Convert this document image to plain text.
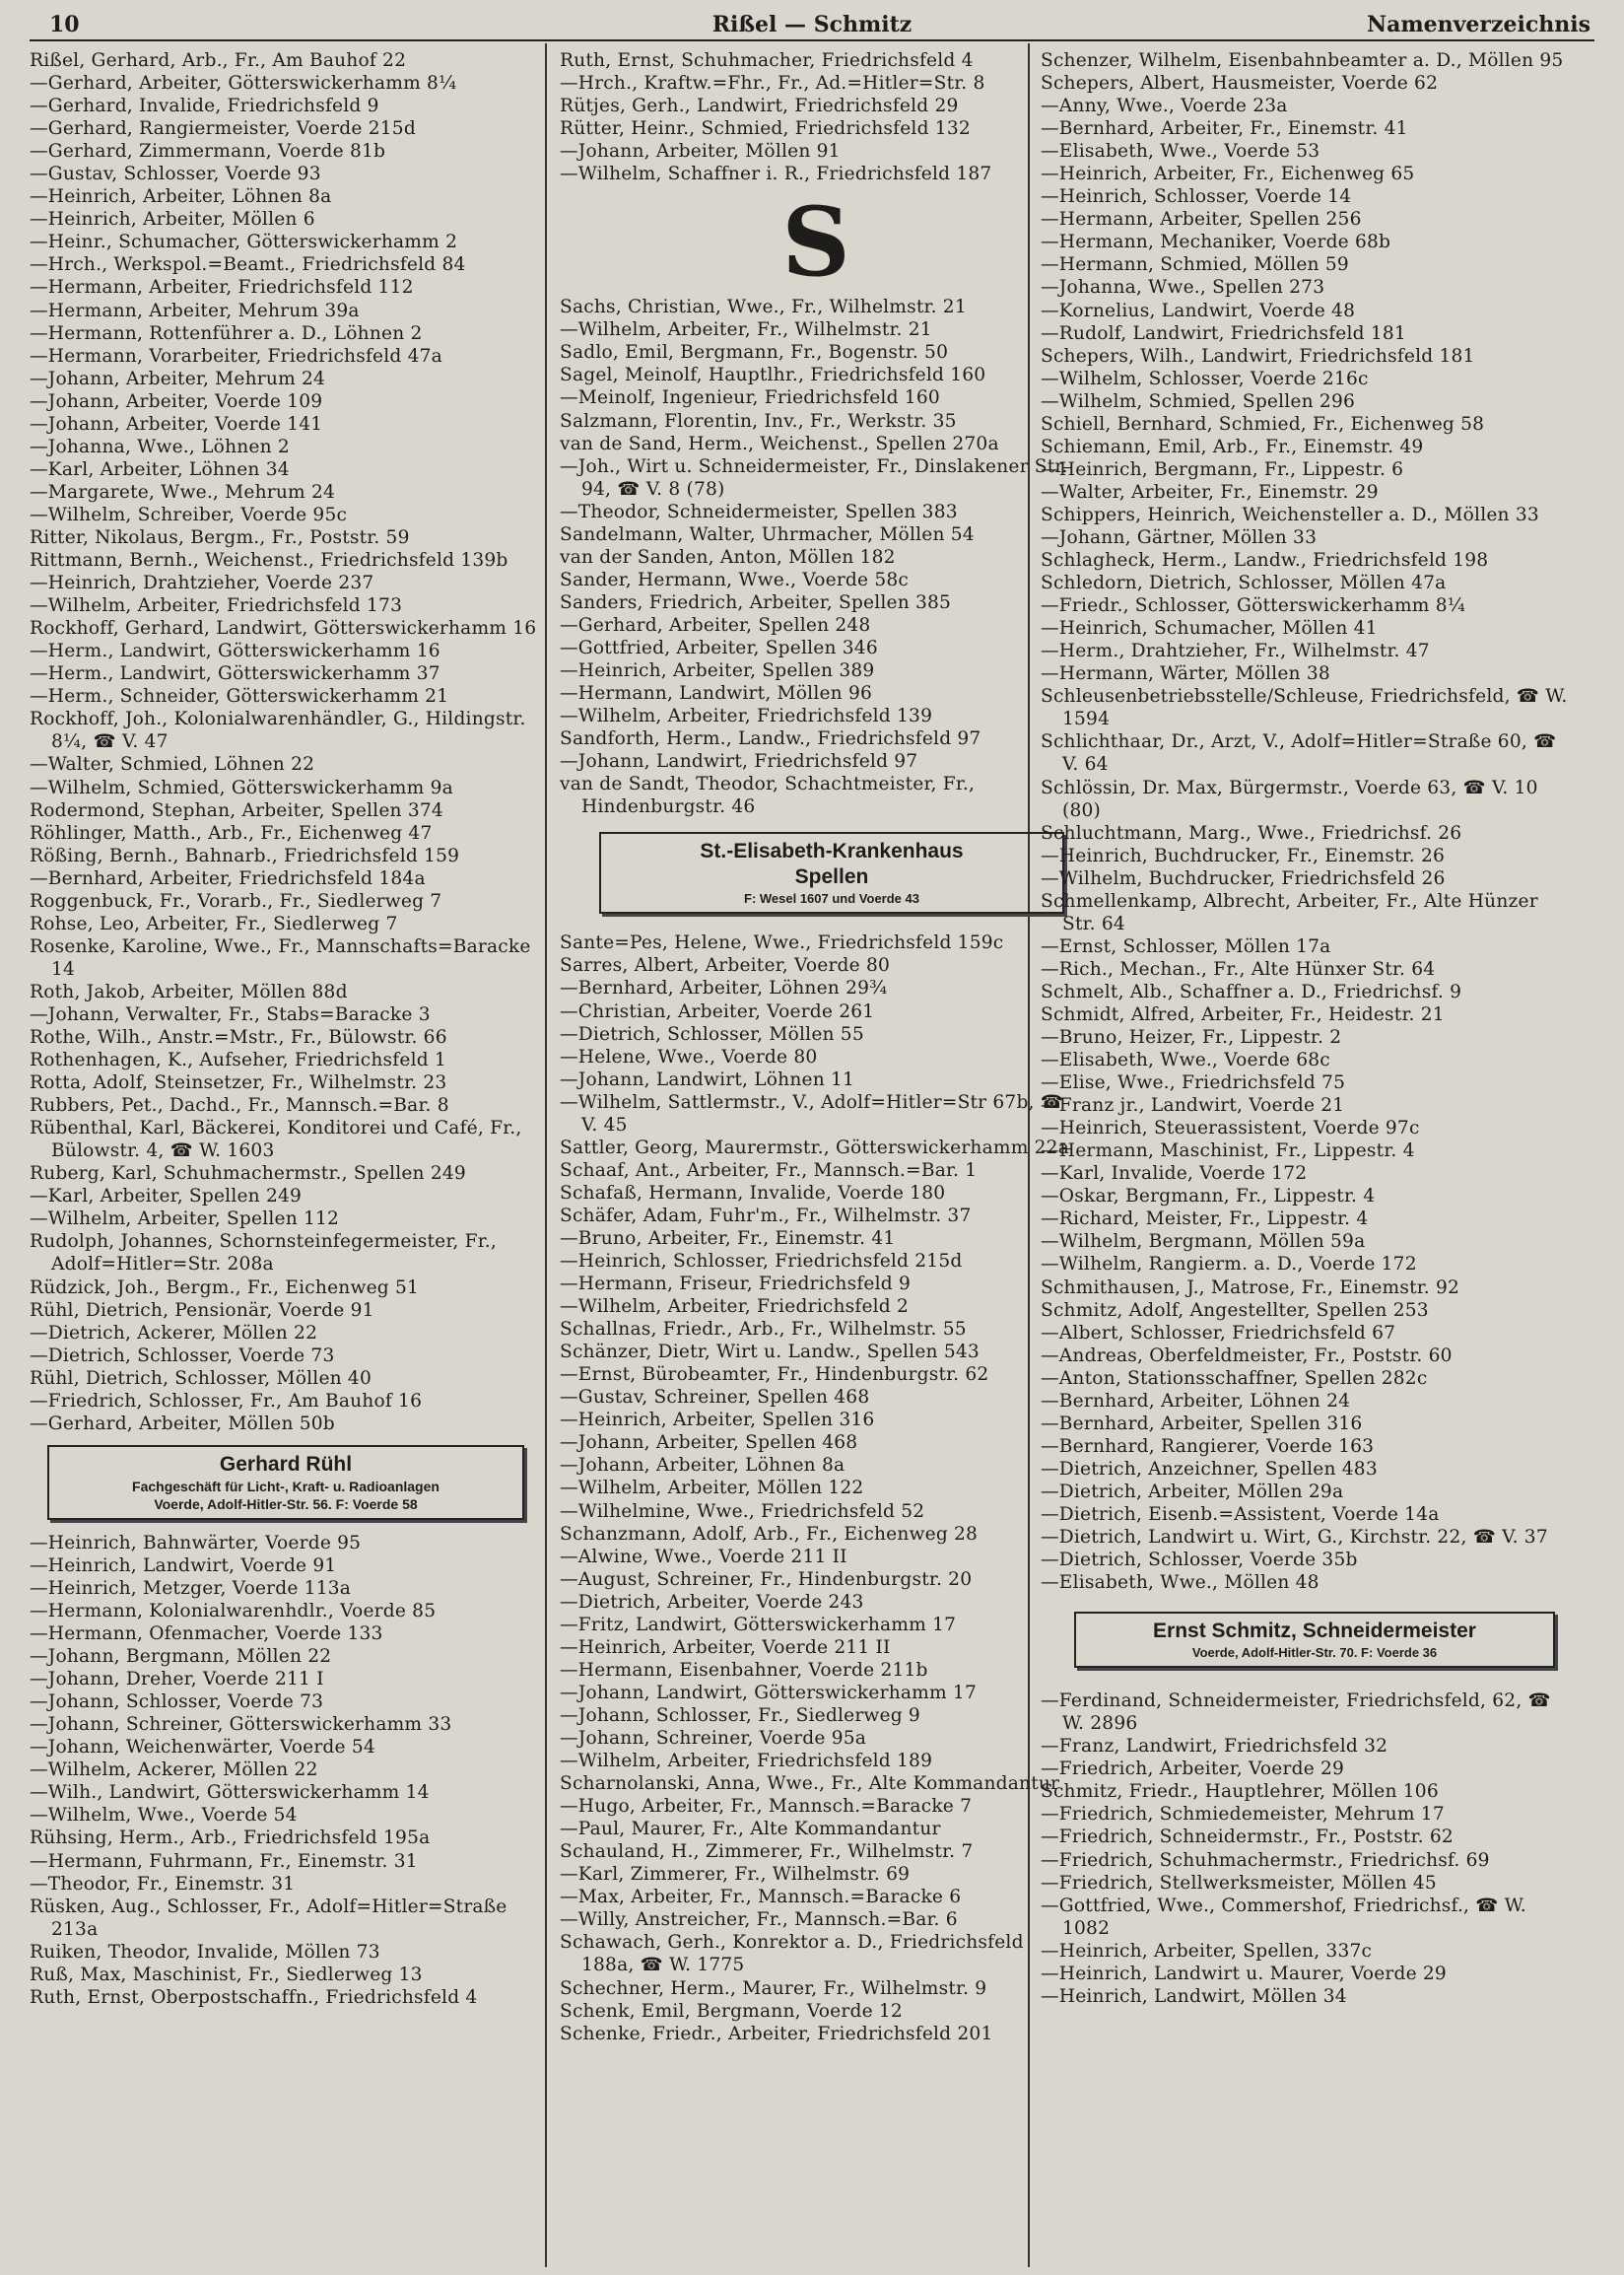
10	Rißel — Schmitz	Namenverzeichnis
Rißel, Gerhard, Arb., Fr., Am Bauhof 22
—Gerhard, Arbeiter, Götterswickerhamm 8¼
—Gerhard, Invalide, Friedrichsfeld 9
—Gerhard, Rangiermeister, Voerde 215d
—Gerhard, Zimmermann, Voerde 81b
—Gustav, Schlosser, Voerde 93
—Heinrich, Arbeiter, Löhnen 8a
—Heinrich, Arbeiter, Möllen 6
—Heinr., Schumacher, Götterswickerhamm 2
—Hrch., Werkspol.=Beamt., Friedrichsfeld 84
—Hermann, Arbeiter, Friedrichsfeld 112
—Hermann, Arbeiter, Mehrum 39a
—Hermann, Rottenführer a. D., Löhnen 2
—Hermann, Vorarbeiter, Friedrichsfeld 47a
—Johann, Arbeiter, Mehrum 24
—Johann, Arbeiter, Voerde 109
—Johann, Arbeiter, Voerde 141
—Johanna, Wwe., Löhnen 2
—Karl, Arbeiter, Löhnen 34
—Margarete, Wwe., Mehrum 24
—Wilhelm, Schreiber, Voerde 95c
Ritter, Nikolaus, Bergm., Fr., Poststr. 59
Rittmann, Bernh., Weichenst., Friedrichsfeld 139b
—Heinrich, Drahtzieher, Voerde 237
—Wilhelm, Arbeiter, Friedrichsfeld 173
Rockhoff, Gerhard, Landwirt, Götterswickerhamm 16
—Herm., Landwirt, Götterswickerhamm 16
—Herm., Landwirt, Götterswickerhamm 37
—Herm., Schneider, Götterswickerhamm 21
Rockhoff, Joh., Kolonialwarenhändler, G., Hildingstr. 8¼, ☎ V. 47
—Walter, Schmied, Löhnen 22
—Wilhelm, Schmied, Götterswickerhamm 9a
Rodermond, Stephan, Arbeiter, Spellen 374
Röhlinger, Matth., Arb., Fr., Eichenweg 47
Rößing, Bernh., Bahnarb., Friedrichsfeld 159
—Bernhard, Arbeiter, Friedrichsfeld 184a
Roggenbuck, Fr., Vorarb., Fr., Siedlerweg 7
Rohse, Leo, Arbeiter, Fr., Siedlerweg 7
Rosenke, Karoline, Wwe., Fr., Mannschafts=Baracke 14
Roth, Jakob, Arbeiter, Möllen 88d
—Johann, Verwalter, Fr., Stabs=Baracke 3
Rothe, Wilh., Anstr.=Mstr., Fr., Bülowstr. 66
Rothenhagen, K., Aufseher, Friedrichsfeld 1
Rotta, Adolf, Steinsetzer, Fr., Wilhelmstr. 23
Rubbers, Pet., Dachd., Fr., Mannsch.=Bar. 8
Rübenthal, Karl, Bäckerei, Konditorei und Café, Fr., Bülowstr. 4, ☎ W. 1603
Ruberg, Karl, Schuhmachermstr., Spellen 249
—Karl, Arbeiter, Spellen 249
—Wilhelm, Arbeiter, Spellen 112
Rudolph, Johannes, Schornsteinfegermeister, Fr., Adolf=Hitler=Str. 208a
Rüdzick, Joh., Bergm., Fr., Eichenweg 51
Rühl, Dietrich, Pensionär, Voerde 91
—Dietrich, Ackerer, Möllen 22
—Dietrich, Schlosser, Voerde 73
Rühl, Dietrich, Schlosser, Möllen 40
—Friedrich, Schlosser, Fr., Am Bauhof 16
—Gerhard, Arbeiter, Möllen 50b
Gerhard Rühl
Fachgeschäft für Licht-, Kraft- u. Radioanlagen
Voerde, Adolf-Hitler-Str. 56. F: Voerde 58
—Heinrich, Bahnwärter, Voerde 95
—Heinrich, Landwirt, Voerde 91
—Heinrich, Metzger, Voerde 113a
—Hermann, Kolonialwarenhdlr., Voerde 85
—Hermann, Ofenmacher, Voerde 133
—Johann, Bergmann, Möllen 22
—Johann, Dreher, Voerde 211 I
—Johann, Schlosser, Voerde 73
—Johann, Schreiner, Götterswickerhamm 33
—Johann, Weichenwärter, Voerde 54
—Wilhelm, Ackerer, Möllen 22
—Wilh., Landwirt, Götterswickerhamm 14
—Wilhelm, Wwe., Voerde 54
Rühsing, Herm., Arb., Friedrichsfeld 195a
—Hermann, Fuhrmann, Fr., Einemstr. 31
—Theodor, Fr., Einemstr. 31
Rüsken, Aug., Schlosser, Fr., Adolf=Hitler=Straße 213a
Ruiken, Theodor, Invalide, Möllen 73
Ruß, Max, Maschinist, Fr., Siedlerweg 13
Ruth, Ernst, Oberpostschaffn., Friedrichsfeld 4
Ruth, Ernst, Schuhmacher, Friedrichsfeld 4
—Hrch., Kraftw.=Fhr., Fr., Ad.=Hitler=Str. 8
Rütjes, Gerh., Landwirt, Friedrichsfeld 29
Rütter, Heinr., Schmied, Friedrichsfeld 132
—Johann, Arbeiter, Möllen 91
—Wilhelm, Schaffner i. R., Friedrichsfeld 187
S
Sachs, Christian, Wwe., Fr., Wilhelmstr. 21
—Wilhelm, Arbeiter, Fr., Wilhelmstr. 21
Sadlo, Emil, Bergmann, Fr., Bogenstr. 50
Sagel, Meinolf, Hauptlhr., Friedrichsfeld 160
—Meinolf, Ingenieur, Friedrichsfeld 160
Salzmann, Florentin, Inv., Fr., Werkstr. 35
van de Sand, Herm., Weichenst., Spellen 270a
—Joh., Wirt u. Schneidermeister, Fr., Dinslakener Str. 94, ☎ V. 8 (78)
—Theodor, Schneidermeister, Spellen 383
Sandelmann, Walter, Uhrmacher, Möllen 54
van der Sanden, Anton, Möllen 182
Sander, Hermann, Wwe., Voerde 58c
Sanders, Friedrich, Arbeiter, Spellen 385
—Gerhard, Arbeiter, Spellen 248
—Gottfried, Arbeiter, Spellen 346
—Heinrich, Arbeiter, Spellen 389
—Hermann, Landwirt, Möllen 96
—Wilhelm, Arbeiter, Friedrichsfeld 139
Sandforth, Herm., Landw., Friedrichsfeld 97
—Johann, Landwirt, Friedrichsfeld 97
van de Sandt, Theodor, Schachtmeister, Fr., Hindenburgstr. 46
St.-Elisabeth-Krankenhaus
Spellen
F: Wesel 1607 und Voerde 43
Sante=Pes, Helene, Wwe., Friedrichsfeld 159c
Sarres, Albert, Arbeiter, Voerde 80
—Bernhard, Arbeiter, Löhnen 29¾
—Christian, Arbeiter, Voerde 261
—Dietrich, Schlosser, Möllen 55
—Helene, Wwe., Voerde 80
—Johann, Landwirt, Löhnen 11
—Wilhelm, Sattlermstr., V., Adolf=Hitler=Str 67b, ☎ V. 45
Sattler, Georg, Maurermstr., Götterswickerhamm 22a
Schaaf, Ant., Arbeiter, Fr., Mannsch.=Bar. 1
Schafaß, Hermann, Invalide, Voerde 180
Schäfer, Adam, Fuhr'm., Fr., Wilhelmstr. 37
—Bruno, Arbeiter, Fr., Einemstr. 41
—Heinrich, Schlosser, Friedrichsfeld 215d
—Hermann, Friseur, Friedrichsfeld 9
—Wilhelm, Arbeiter, Friedrichsfeld 2
Schallnas, Friedr., Arb., Fr., Wilhelmstr. 55
Schänzer, Dietr, Wirt u. Landw., Spellen 543
—Ernst, Bürobeamter, Fr., Hindenburgstr. 62
—Gustav, Schreiner, Spellen 468
—Heinrich, Arbeiter, Spellen 316
—Johann, Arbeiter, Spellen 468
—Johann, Arbeiter, Löhnen 8a
—Wilhelm, Arbeiter, Möllen 122
—Wilhelmine, Wwe., Friedrichsfeld 52
Schanzmann, Adolf, Arb., Fr., Eichenweg 28
—Alwine, Wwe., Voerde 211 II
—August, Schreiner, Fr., Hindenburgstr. 20
—Dietrich, Arbeiter, Voerde 243
—Fritz, Landwirt, Götterswickerhamm 17
—Heinrich, Arbeiter, Voerde 211 II
—Hermann, Eisenbahner, Voerde 211b
—Johann, Landwirt, Götterswickerhamm 17
—Johann, Schlosser, Fr., Siedlerweg 9
—Johann, Schreiner, Voerde 95a
—Wilhelm, Arbeiter, Friedrichsfeld 189
Scharnolanski, Anna, Wwe., Fr., Alte Kommandantur
—Hugo, Arbeiter, Fr., Mannsch.=Baracke 7
—Paul, Maurer, Fr., Alte Kommandantur
Schauland, H., Zimmerer, Fr., Wilhelmstr. 7
—Karl, Zimmerer, Fr., Wilhelmstr. 69
—Max, Arbeiter, Fr., Mannsch.=Baracke 6
—Willy, Anstreicher, Fr., Mannsch.=Bar. 6
Schawach, Gerh., Konrektor a. D., Friedrichsfeld 188a, ☎ W. 1775
Schechner, Herm., Maurer, Fr., Wilhelmstr. 9
Schenk, Emil, Bergmann, Voerde 12
Schenke, Friedr., Arbeiter, Friedrichsfeld 201
Schenzer, Wilhelm, Eisenbahnbeamter a. D., Möllen 95
Schepers, Albert, Hausmeister, Voerde 62
—Anny, Wwe., Voerde 23a
—Bernhard, Arbeiter, Fr., Einemstr. 41
—Elisabeth, Wwe., Voerde 53
—Heinrich, Arbeiter, Fr., Eichenweg 65
—Heinrich, Schlosser, Voerde 14
—Hermann, Arbeiter, Spellen 256
—Hermann, Mechaniker, Voerde 68b
—Hermann, Schmied, Möllen 59
—Johanna, Wwe., Spellen 273
—Kornelius, Landwirt, Voerde 48
—Rudolf, Landwirt, Friedrichsfeld 181
Schepers, Wilh., Landwirt, Friedrichsfeld 181
—Wilhelm, Schlosser, Voerde 216c
—Wilhelm, Schmied, Spellen 296
Schiell, Bernhard, Schmied, Fr., Eichenweg 58
Schiemann, Emil, Arb., Fr., Einemstr. 49
—Heinrich, Bergmann, Fr., Lippestr. 6
—Walter, Arbeiter, Fr., Einemstr. 29
Schippers, Heinrich, Weichensteller a. D., Möllen 33
—Johann, Gärtner, Möllen 33
Schlagheck, Herm., Landw., Friedrichsfeld 198
Schledorn, Dietrich, Schlosser, Möllen 47a
—Friedr., Schlosser, Götterswickerhamm 8¼
—Heinrich, Schumacher, Möllen 41
—Herm., Drahtzieher, Fr., Wilhelmstr. 47
—Hermann, Wärter, Möllen 38
Schleusenbetriebsstelle/Schleuse, Friedrichsfeld, ☎ W. 1594
Schlichthaar, Dr., Arzt, V., Adolf=Hitler=Straße 60, ☎ V. 64
Schlössin, Dr. Max, Bürgermstr., Voerde 63, ☎ V. 10 (80)
Schluchtmann, Marg., Wwe., Friedrichsf. 26
—Heinrich, Buchdrucker, Fr., Einemstr. 26
—Wilhelm, Buchdrucker, Friedrichsfeld 26
Schmellenkamp, Albrecht, Arbeiter, Fr., Alte Hünzer Str. 64
—Ernst, Schlosser, Möllen 17a
—Rich., Mechan., Fr., Alte Hünxer Str. 64
Schmelt, Alb., Schaffner a. D., Friedrichsf. 9
Schmidt, Alfred, Arbeiter, Fr., Heidestr. 21
—Bruno, Heizer, Fr., Lippestr. 2
—Elisabeth, Wwe., Voerde 68c
—Elise, Wwe., Friedrichsfeld 75
—Franz jr., Landwirt, Voerde 21
—Heinrich, Steuerassistent, Voerde 97c
—Hermann, Maschinist, Fr., Lippestr. 4
—Karl, Invalide, Voerde 172
—Oskar, Bergmann, Fr., Lippestr. 4
—Richard, Meister, Fr., Lippestr. 4
—Wilhelm, Bergmann, Möllen 59a
—Wilhelm, Rangierm. a. D., Voerde 172
Schmithausen, J., Matrose, Fr., Einemstr. 92
Schmitz, Adolf, Angestellter, Spellen 253
—Albert, Schlosser, Friedrichsfeld 67
—Andreas, Oberfeldmeister, Fr., Poststr. 60
—Anton, Stationsschaffner, Spellen 282c
—Bernhard, Arbeiter, Löhnen 24
—Bernhard, Arbeiter, Spellen 316
—Bernhard, Rangierer, Voerde 163
—Dietrich, Anzeichner, Spellen 483
—Dietrich, Arbeiter, Möllen 29a
—Dietrich, Eisenb.=Assistent, Voerde 14a
—Dietrich, Landwirt u. Wirt, G., Kirchstr. 22, ☎ V. 37
—Dietrich, Schlosser, Voerde 35b
—Elisabeth, Wwe., Möllen 48
Ernst Schmitz, Schneidermeister
Voerde, Adolf-Hitler-Str. 70. F: Voerde 36
—Ferdinand, Schneidermeister, Friedrichsfeld, 62, ☎ W. 2896
—Franz, Landwirt, Friedrichsfeld 32
—Friedrich, Arbeiter, Voerde 29
Schmitz, Friedr., Hauptlehrer, Möllen 106
—Friedrich, Schmiedemeister, Mehrum 17
—Friedrich, Schneidermstr., Fr., Poststr. 62
—Friedrich, Schuhmachermstr., Friedrichsf. 69
—Friedrich, Stellwerksmeister, Möllen 45
—Gottfried, Wwe., Commershof, Friedrichsf., ☎ W. 1082
—Heinrich, Arbeiter, Spellen, 337c
—Heinrich, Landwirt u. Maurer, Voerde 29
—Heinrich, Landwirt, Möllen 34
